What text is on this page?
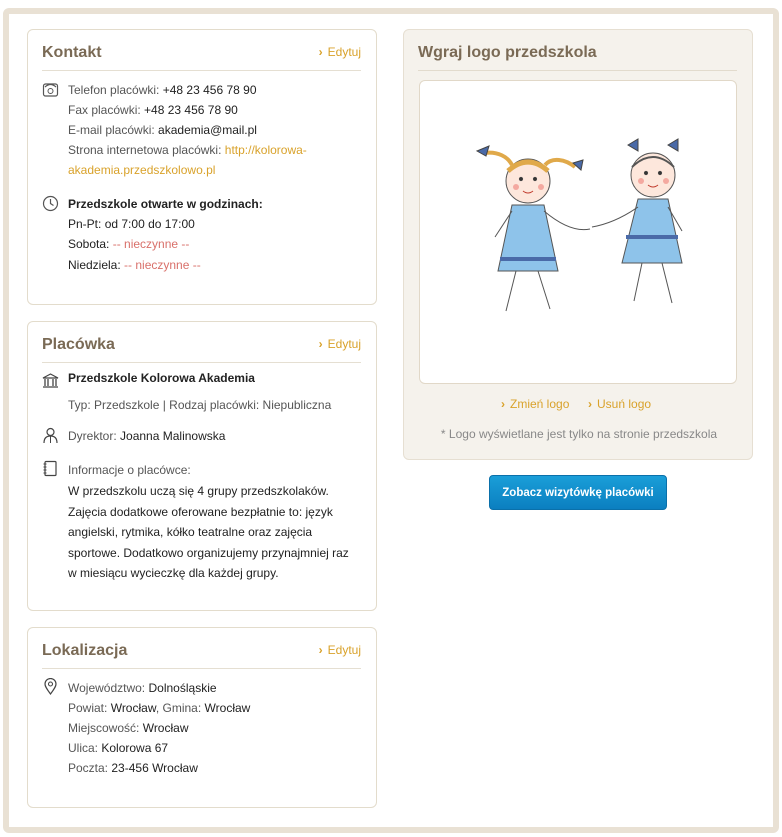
Kontakt	› Edytuj
Telefon placówki: +48 23 456 78 90
Fax placówki: +48 23 456 78 90
E-mail placówki: akademia@mail.pl
Strona internetowa placówki: http://kolorowa-
akademia.przedszkolowo.pl
Przedszkole otwarte w godzinach:
Pn-Pt: od 7:00 do 17:00
Sobota: -- nieczynne --
Niedziela: -- nieczynne --
Placówka	› Edytuj
Przedszkole Kolorowa Akademia
Typ: Przedszkole | Rodzaj placówki: Niepubliczna
Dyrektor: Joanna Malinowska
Informacje o placówce:
W przedszkolu uczą się 4 grupy przedszkolaków.
Zajęcia dodatkowe oferowane bezpłatnie to: język
angielski, rytmika, kółko teatralne oraz zajęcia
sportowe. Dodatkowo organizujemy przynajmniej raz
w miesiącu wycieczkę dla każdej grupy.
Lokalizacja	› Edytuj
Województwo: Dolnośląskie
Powiat: Wrocław, Gmina: Wrocław
Miejscowość: Wrocław
Ulica: Kolorowa 67
Poczta: 23-456 Wrocław
Wgraj logo przedszkola
› Zmień logo	› Usuń logo
* Logo wyświetlane jest tylko na stronie przedszkola
Zobacz wizytówkę placówki
